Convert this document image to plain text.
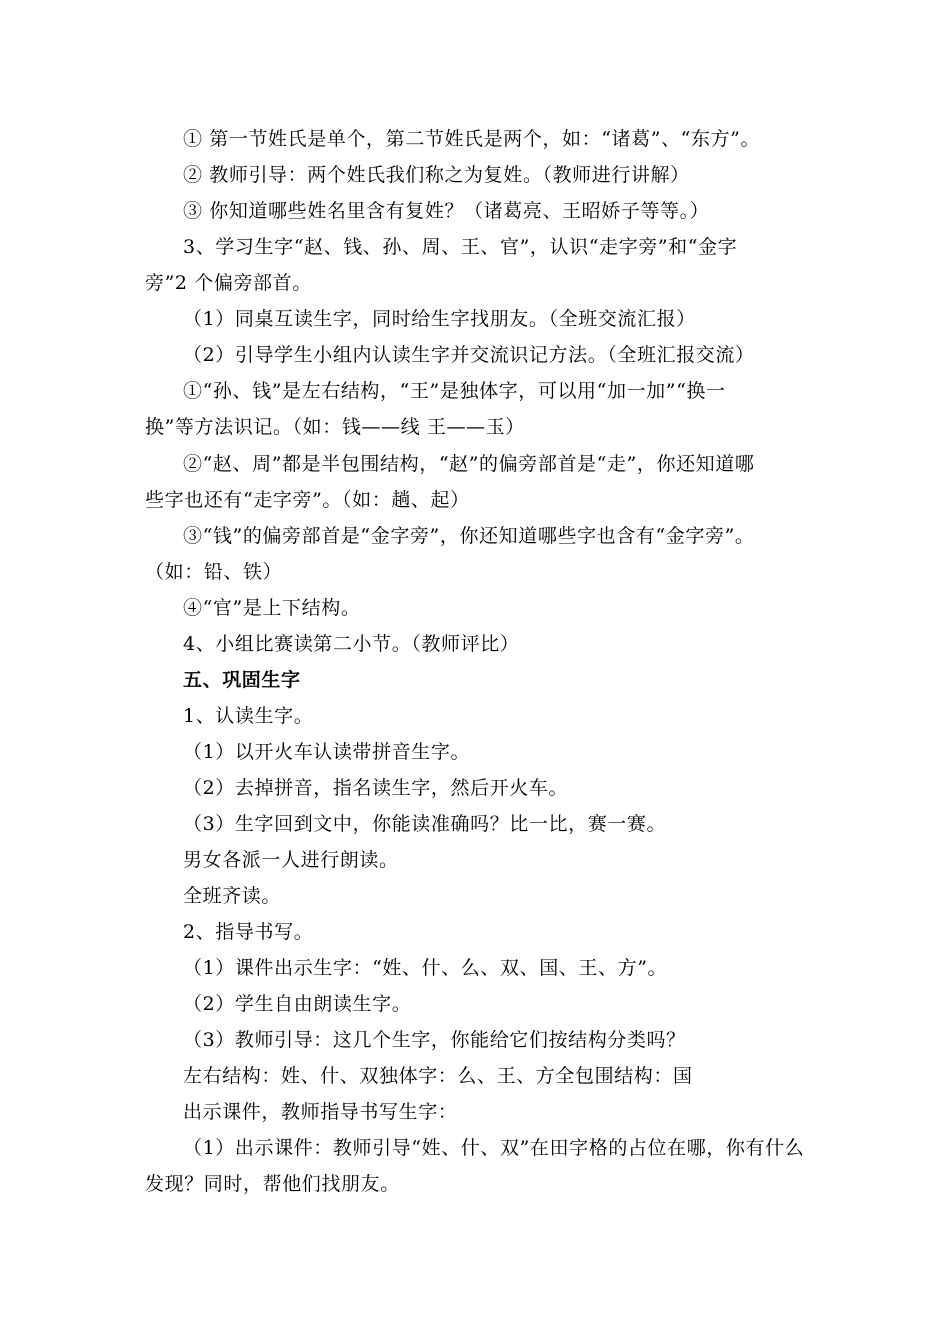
① 第一节姓氏是单个，第二节姓氏是两个，如：“诸葛”、“东方”。
② 教师引导：两个姓氏我们称之为复姓。（教师进行讲解）
③ 你知道哪些姓名里含有复姓？（诸葛亮、王昭娇子等等。）
3、学习生字“赵、钱、孙、周、王、官”，认识“走字旁”和“金字
旁”2 个偏旁部首。
（1）同桌互读生字，同时给生字找朋友。（全班交流汇报）
（2）引导学生小组内认读生字并交流识记方法。（全班汇报交流）
①“孙、钱”是左右结构，“王”是独体字，可以用“加一加”“换一
换”等方法识记。（如：钱——线 王——玉）
②“赵、周”都是半包围结构，“赵”的偏旁部首是“走”，你还知道哪
些字也还有“走字旁”。（如：趟、起）
③“钱”的偏旁部首是“金字旁”，你还知道哪些字也含有“金字旁”。
（如：铅、铁）
④“官”是上下结构。
4、小组比赛读第二小节。（教师评比）
五、巩固生字
1、认读生字。
（1）以开火车认读带拼音生字。
（2）去掉拼音，指名读生字，然后开火车。
（3）生字回到文中，你能读准确吗？比一比，赛一赛。
男女各派一人进行朗读。
全班齐读。
2、指导书写。
（1）课件出示生字：“姓、什、么、双、国、王、方”。
（2）学生自由朗读生字。
（3）教师引导：这几个生字，你能给它们按结构分类吗？
左右结构：姓、什、双独体字：么、王、方全包围结构：国
出示课件，教师指导书写生字：
（1）出示课件：教师引导“姓、什、双”在田字格的占位在哪，你有什么
发现？同时，帮他们找朋友。
